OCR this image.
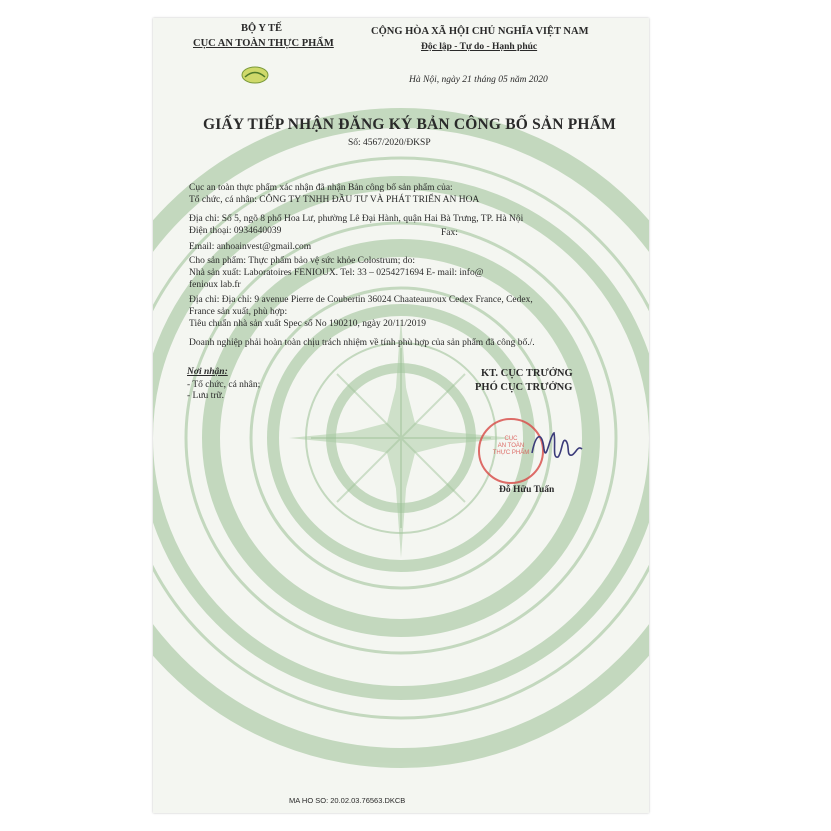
BỘ Y TẾ
CỤC AN TOÀN THỰC PHẨM
CỘNG HÒA XÃ HỘI CHỦ NGHĨA VIỆT NAM
Độc lập - Tự do - Hạnh phúc
Hà Nội, ngày 21 tháng 05 năm 2020
GIẤY TIẾP NHẬN ĐĂNG KÝ BẢN CÔNG BỐ SẢN PHẨM
Số: 4567/2020/ĐKSP
Cục an toàn thực phẩm xác nhận đã nhận Bản công bố sản phẩm của:
Tổ chức, cá nhân: CÔNG TY TNHH ĐẦU TƯ VÀ PHÁT TRIỂN AN HOA
Địa chỉ: Số 5, ngõ 8 phố Hoa Lư, phường Lê Đại Hành, quận Hai Bà Trưng, TP. Hà Nội
Điện thoại: 0934640039	Fax:
Email: anhoainvest@gmail.com
Cho sản phẩm: Thực phẩm bảo vệ sức khỏe Colostrum; do:
Nhà sản xuất: Laboratoires FENIOUX. Tel: 33 – 0254271694 E- mail: info@
fenioux lab.fr
Địa chỉ: Địa chỉ: 9 avenue Pierre de Coubertin 36024 Chaateauroux Cedex France, Cedex,
France sản xuất, phù hợp:
Tiêu chuẩn nhà sản xuất Spec số No 190210, ngày 20/11/2019
Doanh nghiệp phải hoàn toàn chịu trách nhiệm về tính phù hợp của sản phẩm đã công bố./.
Nơi nhận:
- Tổ chức, cá nhân;
- Lưu trữ.
KT. CỤC TRƯỞNG
PHÓ CỤC TRƯỞNG
CỤC
AN TOÀN
THỰC PHẨM
Đỗ Hữu Tuấn
MA HO SO: 20.02.03.76563.DKCB
